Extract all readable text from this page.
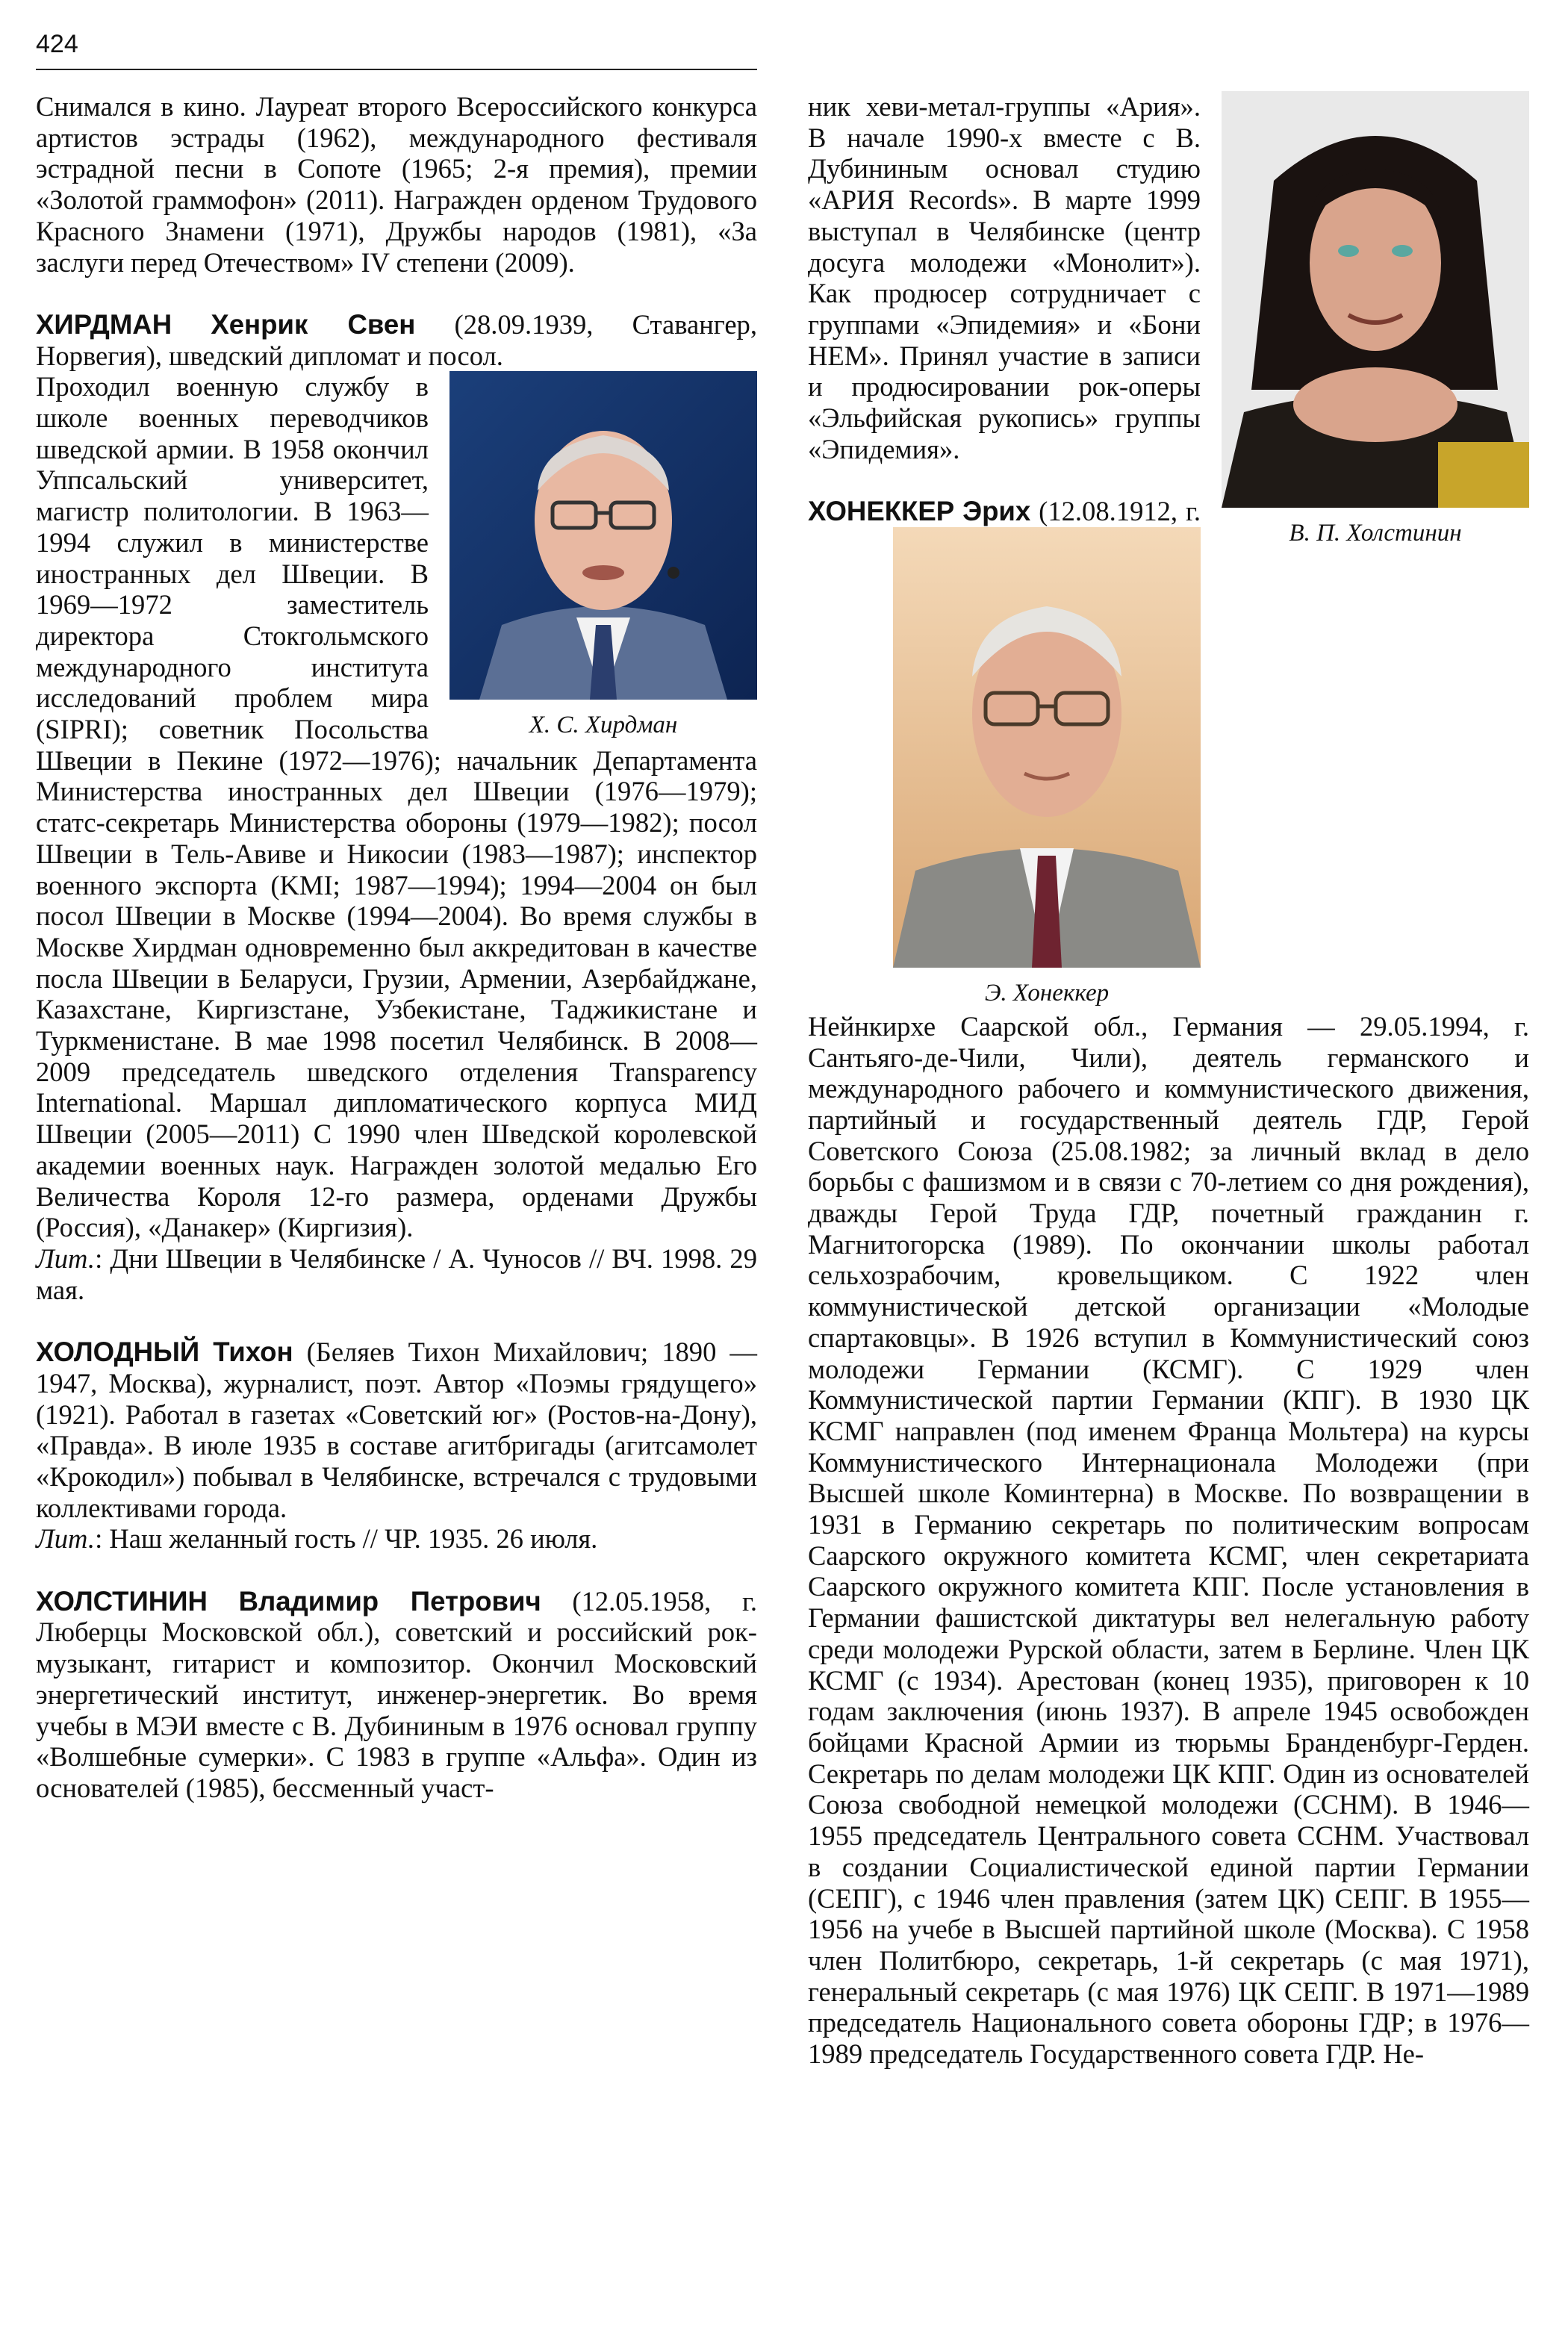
424

Снимался в кино. Лауреат второго Всероссийского конкурса артистов эстрады (1962), международного фестиваля эстрадной песни в Сопоте (1965; 2-я премия), премии «Золотой граммофон» (2011). Награжден орденом Трудового Красного Знамени (1971), Дружбы народов (1981), «За заслуги перед Отечеством» IV степени (2009).

ХИРДМАН Хенрик Свен (28.09.1939, Ставангер, Норвегия), шведский дипломат и посол.

Х. С. Хирдман

Проходил военную службу в школе военных переводчиков шведской армии. В 1958 окончил Уппсальский университет, магистр политологии. В 1963—1994 служил в министерстве иностранных дел Швеции. В 1969—1972 заместитель директора Стокгольмского международного института исследований проблем мира (SIPRI); советник Посольства Швеции в Пекине (1972—1976); начальник Департамента Министерства иностранных дел Швеции (1976—1979); статс-секретарь Министерства обороны (1979—1982); посол Швеции в Тель-Авиве и Никосии (1983—1987); инспектор военного экспорта (KMI; 1987—1994); 1994—2004 он был посол Швеции в Москве (1994—2004). Во время службы в Москве Хирдман одновременно был аккредитован в качестве посла Швеции в Беларуси, Грузии, Армении, Азербайджане, Казахстане, Киргизстане, Узбекистане, Таджикистане и Туркменистане. В мае 1998 посетил Челябинск. В 2008—2009 председатель шведского отделения Transparency International. Маршал дипломатического корпуса МИД Швеции (2005—2011) С 1990 член Шведской королевской академии военных наук. Награжден золотой медалью Его Величества Короля 12-го размера, орденами Дружбы (Россия), «Данакер» (Киргизия).

Лит.: Дни Швеции в Челябинске / А. Чуносов // ВЧ. 1998. 29 мая.

ХОЛОДНЫЙ Тихон (Беляев Тихон Михайлович; 1890 — 1947, Москва), журналист, поэт. Автор «Поэмы грядущего» (1921). Работал в газетах «Советский юг» (Ростов-на-Дону), «Правда». В июле 1935 в составе агитбригады (агитсамолет «Крокодил») побывал в Челябинске, встречался с трудовыми коллективами города.

Лит.: Наш желанный гость // ЧР. 1935. 26 июля.

ХОЛСТИНИН Владимир Петрович (12.05.1958, г. Люберцы Московской обл.), советский и российский рок-музыкант, гитарист и композитор. Окончил Московский энергетический институт, инженер-энергетик. Во время учебы в МЭИ вместе с В. Дубининым в 1976 основал группу «Волшебные сумерки». С 1983 в группе «Альфа». Один из основателей (1985), бессменный участ-

В. П. Холстинин

ник хеви-метал-группы «Ария». В начале 1990-х вместе с В. Дубининым основал студию «АРИЯ Records». В марте 1999 выступал в Челябинске (центр досуга молодежи «Монолит»). Как продюсер сотрудничает с группами «Эпидемия» и «Бони НЕМ». Принял участие в записи и продюсировании рок-оперы «Эльфийская рукопись» группы «Эпидемия».

ХОНЕККЕР Эрих
Э. Хонеккер
(12.08.1912, г. Нейнкирхе Саарской обл., Германия — 29.05.1994, г. Сантьяго-де-Чили, Чили), деятель германского и международного рабочего и коммунистического движения, партийный и государственный деятель ГДР, Герой Советского Союза (25.08.1982; за личный вклад в дело борьбы с фашизмом и в связи с 70-летием со дня рождения), дважды Герой Труда ГДР, почетный гражданин г. Магнитогорска (1989). По окончании школы работал сельхозрабочим, кровельщиком. С 1922 член коммунистической детской организации «Молодые спартаковцы». В 1926 вступил в Коммунистический союз молодежи Германии (КСМГ). С 1929 член Коммунистической партии Германии (КПГ). В 1930 ЦК КСМГ направлен (под именем Франца Мольтера) на курсы Коммунистического Интернационала Молодежи (при Высшей школе Коминтерна) в Москве. По возвращении в 1931 в Германию секретарь по политическим вопросам Саарского окружного комитета КСМГ, член секретариата Саарского окружного комитета КПГ. После установления в Германии фашистской диктатуры вел нелегальную работу среди молодежи Рурской области, затем в Берлине. Член ЦК КСМГ (с 1934). Арестован (конец 1935), приговорен к 10 годам заключения (июнь 1937). В апреле 1945 освобожден бойцами Красной Армии из тюрьмы Бранденбург-Герден. Секретарь по делам молодежи ЦК КПГ. Один из основателей Союза свободной немецкой молодежи (ССНМ). В 1946—1955 председатель Центрального совета ССНМ. Участвовал в создании Социалистической единой партии Германии (СЕПГ), с 1946 член правления (затем ЦК) СЕПГ. В 1955—1956 на учебе в Высшей партийной школе (Москва). С 1958 член Политбюро, секретарь, 1-й секретарь (с мая 1971), генеральный секретарь (с мая 1976) ЦК СЕПГ. В 1971—1989 председатель Национального совета обороны ГДР; в 1976—1989 председатель Государственного совета ГДР. Не-
